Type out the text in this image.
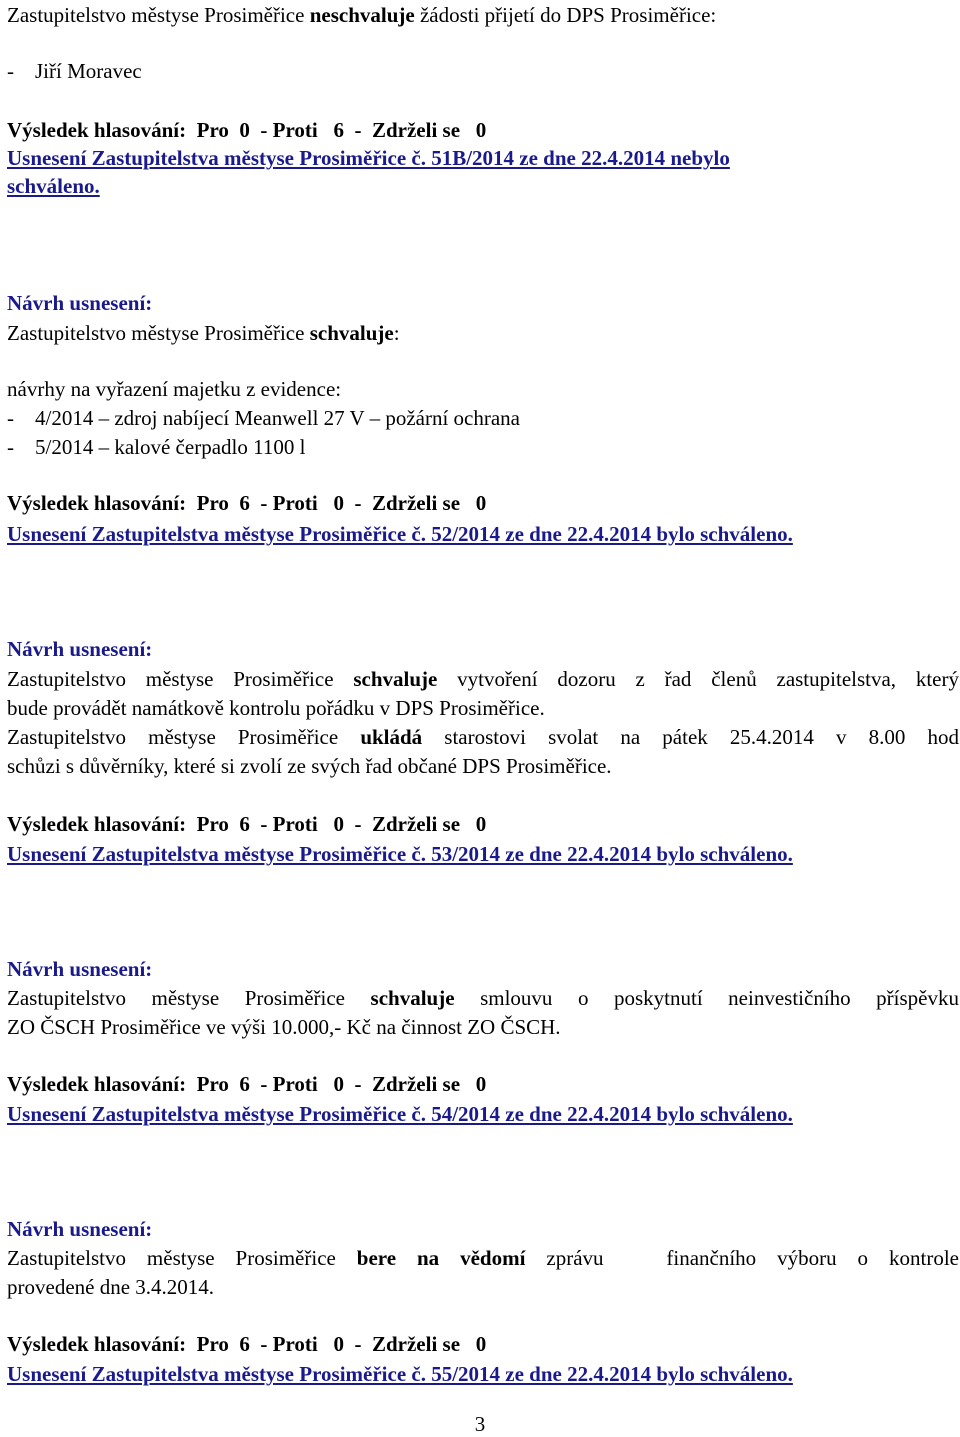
Zastupitelstvo městyse Prosiměřice neschvaluje žádosti přijetí do DPS Prosiměřice:
-    Jiří Moravec
Výsledek hlasování:  Pro  0  - Proti   6  -  Zdrželi se   0
Usnesení Zastupitelstva městyse Prosiměřice č. 51B/2014 ze dne 22.4.2014 nebylo
schváleno.
Návrh usnesení:
Zastupitelstvo městyse Prosiměřice schvaluje:
návrhy na vyřazení majetku z evidence:
-    4/2014 – zdroj nabíjecí Meanwell 27 V – požární ochrana
-    5/2014 – kalové čerpadlo 1100 l
Výsledek hlasování:  Pro  6  - Proti   0  -  Zdrželi se   0
Usnesení Zastupitelstva městyse Prosiměřice č. 52/2014 ze dne 22.4.2014 bylo schváleno.
Návrh usnesení:
Zastupitelstvo městyse Prosiměřice schvaluje vytvoření dozoru z řad členů zastupitelstva, který
bude provádět namátkově kontrolu pořádku v DPS Prosiměřice.
Zastupitelstvo městyse Prosiměřice ukládá starostovi svolat na pátek 25.4.2014 v 8.00 hod
schůzi s důvěrníky, které si zvolí ze svých řad občané DPS Prosiměřice.
Výsledek hlasování:  Pro  6  - Proti   0  -  Zdrželi se   0
Usnesení Zastupitelstva městyse Prosiměřice č. 53/2014 ze dne 22.4.2014 bylo schváleno.
Návrh usnesení:
Zastupitelstvo městyse Prosiměřice schvaluje smlouvu o poskytnutí neinvestičního příspěvku
ZO ČSCH Prosiměřice ve výši 10.000,- Kč na činnost ZO ČSCH.
Výsledek hlasování:  Pro  6  - Proti   0  -  Zdrželi se   0
Usnesení Zastupitelstva městyse Prosiměřice č. 54/2014 ze dne 22.4.2014 bylo schváleno.
Návrh usnesení:
Zastupitelstvo městyse Prosiměřice bere na vědomí zprávu   finančního výboru o kontrole
provedené dne 3.4.2014.
Výsledek hlasování:  Pro  6  - Proti   0  -  Zdrželi se   0
Usnesení Zastupitelstva městyse Prosiměřice č. 55/2014 ze dne 22.4.2014 bylo schváleno.
3
